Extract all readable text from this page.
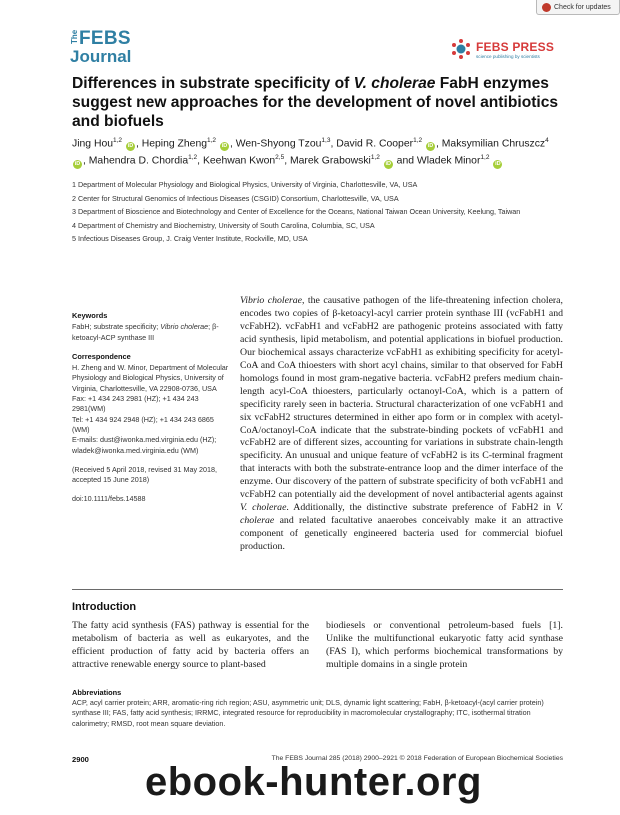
Check for updates
The FEBS
Journal	FEBS PRESS
science publishing by scientists
Differences in substrate specificity of V. cholerae FabH enzymes suggest new approaches for the development of novel antibiotics and biofuels
Jing Hou$^{1,2}$ iD , Heping Zheng$^{1,2}$ iD , Wen-Shyong Tzou$^{1,3}$, David R. Cooper$^{1,2}$ iD , Maksymilian Chruszcz$^4$ iD , Mahendra D. Chordia$^{1,2}$, Keehwan Kwon$^{2,5}$, Marek Grabowski$^{1,2}$ iD and Wladek Minor$^{1,2}$ iD
1 Department of Molecular Physiology and Biological Physics, University of Virginia, Charlottesville, VA, USA
2 Center for Structural Genomics of Infectious Diseases (CSGID) Consortium, Charlottesville, VA, USA
3 Department of Bioscience and Biotechnology and Center of Excellence for the Oceans, National Taiwan Ocean University, Keelung, Taiwan
4 Department of Chemistry and Biochemistry, University of South Carolina, Columbia, SC, USA
5 Infectious Diseases Group, J. Craig Venter Institute, Rockville, MD, USA
Keywords
FabH; substrate specificity; Vibrio cholerae; β-ketoacyl-ACP synthase III
Correspondence
H. Zheng and W. Minor, Department of Molecular Physiology and Biological Physics, University of Virginia, Charlottesville, VA 22908-0736, USA
Fax: +1 434 243 2981 (HZ); +1 434 243 2981(WM)
Tel: +1 434 924 2948 (HZ); +1 434 243 6865 (WM)
E-mails: dust@iwonka.med.virginia.edu (HZ); wladek@iwonka.med.virginia.edu (WM)
(Received 5 April 2018, revised 31 May 2018, accepted 15 June 2018)
doi:10.1111/febs.14588
Vibrio cholerae, the causative pathogen of the life-threatening infection cholera, encodes two copies of β-ketoacyl-acyl carrier protein synthase III (vcFabH1 and vcFabH2). vcFabH1 and vcFabH2 are pathogenic proteins associated with fatty acid synthesis, lipid metabolism, and potential applications in biofuel production. Our biochemical assays characterize vcFabH1 as exhibiting specificity for acetyl-CoA and CoA thioesters with short acyl chains, similar to that observed for FabH homologs found in most gram-negative bacteria. vcFabH2 prefers medium chain-length acyl-CoA thioesters, particularly octanoyl-CoA, which is a pattern of specificity rarely seen in bacteria. Structural characterization of one vcFabH1 and six vcFabH2 structures determined in either apo form or in complex with acetyl-CoA/octanoyl-CoA indicate that the substrate-binding pockets of vcFabH1 and vcFabH2 are of different sizes, accounting for variations in substrate chain-length specificity. An unusual and unique feature of vcFabH2 is its C-terminal fragment that interacts with both the substrate-entrance loop and the dimer interface of the enzyme. Our discovery of the pattern of substrate specificity of both vcFabH1 and vcFabH2 can potentially aid the development of novel antibacterial agents against V. cholerae. Additionally, the distinctive substrate preference of FabH2 in V. cholerae and related facultative anaerobes conceivably make it an attractive component of genetically engineered bacteria used for commercial biofuel production.
Introduction
The fatty acid synthesis (FAS) pathway is essential for the metabolism of bacteria as well as eukaryotes, and the efficient production of fatty acid by bacteria offers an attractive renewable energy source to plant-based
biodiesels or conventional petroleum-based fuels [1]. Unlike the multifunctional eukaryotic fatty acid synthase (FAS I), which performs biochemical transformations by multiple domains in a single protein
Abbreviations
ACP, acyl carrier protein; ARR, aromatic-ring rich region; ASU, asymmetric unit; DLS, dynamic light scattering; FabH, β-ketoacyl-(acyl carrier protein) synthase III; FAS, fatty acid synthesis; IRRMC, integrated resource for reproducibility in macromolecular crystallography; ITC, isothermal titration calorimetry; RMSD, root mean square deviation.
2900	The FEBS Journal 285 (2018) 2900–2921 © 2018 Federation of European Biochemical Societies
ebook-hunter.org
